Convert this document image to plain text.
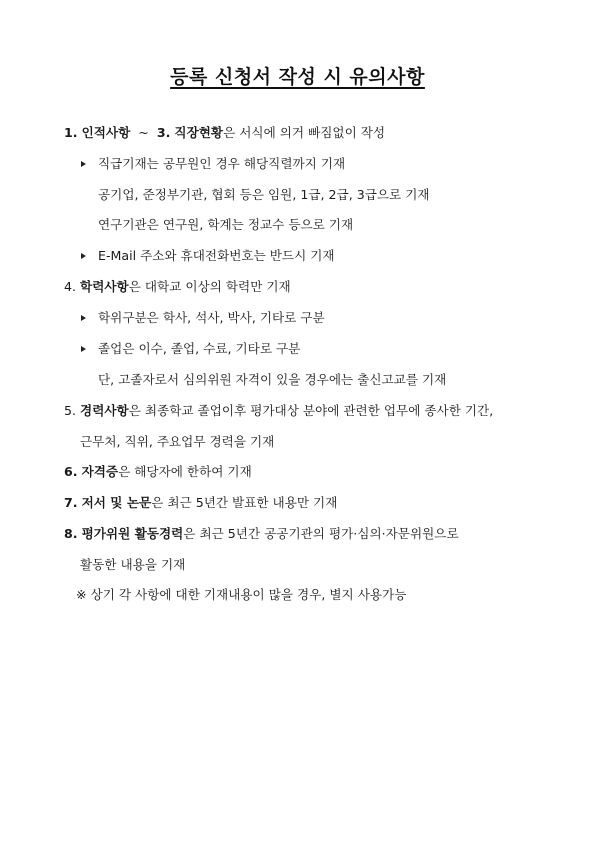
등록 신청서 작성 시 유의사항
1. 인적사항 ~ 3. 직장현황은 서식에 의거 빠짐없이 작성
직급기재는 공무원인 경우 해당직렬까지 기재
공기업, 준정부기관, 협회 등은 임원, 1급, 2급, 3급으로 기재
연구기관은 연구원, 학계는 정교수 등으로 기재
E-Mail 주소와 휴대전화번호는 반드시 기재
4. 학력사항은 대학교 이상의 학력만 기재
학위구분은 학사, 석사, 박사, 기타로 구분
졸업은 이수, 졸업, 수료, 기타로 구분
단, 고졸자로서 심의위원 자격이 있을 경우에는 출신고교를 기재
5. 경력사항은 최종학교 졸업이후 평가대상 분야에 관련한 업무에 종사한 기간,
근무처, 직위, 주요업무 경력을 기재
6. 자격증은 해당자에 한하여 기재
7. 저서 및 논문은 최근 5년간 발표한 내용만 기재
8. 평가위원 활동경력은 최근 5년간 공공기관의 평가·심의·자문위원으로
활동한 내용을 기재
※ 상기 각 사항에 대한 기재내용이 많을 경우, 별지 사용가능
